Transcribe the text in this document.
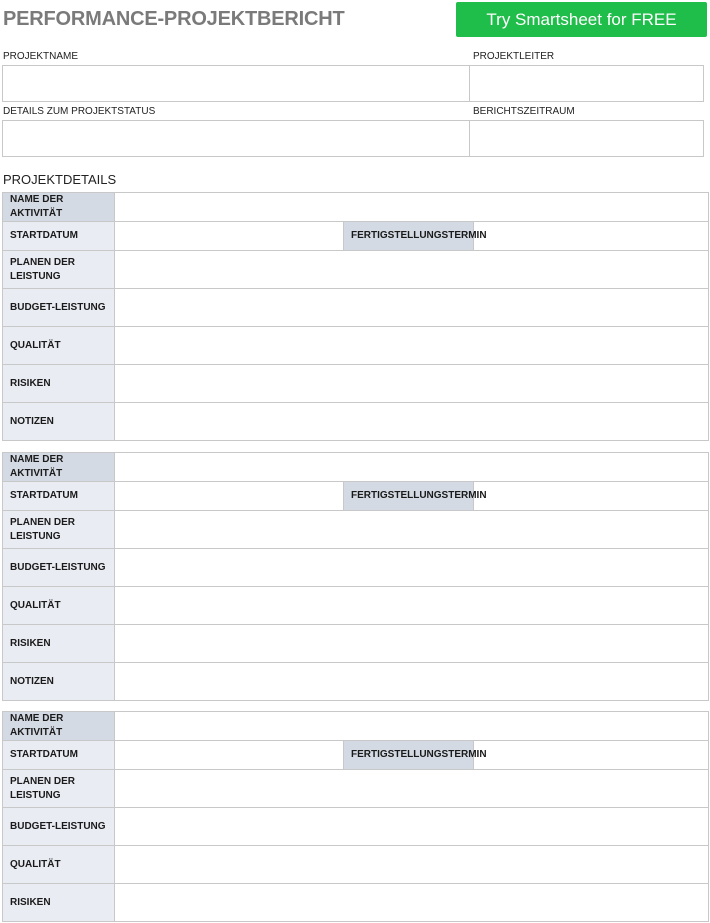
PERFORMANCE-PROJEKTBERICHT	Try Smartsheet for FREE
PROJEKTNAME	PROJEKTLEITER
DETAILS ZUM PROJEKTSTATUS	BERICHTSZEITRAUM
PROJEKTDETAILS
NAME DER AKTIVITÄT			
STARTDATUM		FERTIGSTELLUNGSTERMIN	
PLANEN DER LEISTUNG			
BUDGET-LEISTUNG			
QUALITÄT			
RISIKEN			
NOTIZEN			
NAME DER AKTIVITÄT			
STARTDATUM		FERTIGSTELLUNGSTERMIN	
PLANEN DER LEISTUNG			
BUDGET-LEISTUNG			
QUALITÄT			
RISIKEN			
NOTIZEN			
NAME DER AKTIVITÄT			
STARTDATUM		FERTIGSTELLUNGSTERMIN	
PLANEN DER LEISTUNG			
BUDGET-LEISTUNG			
QUALITÄT			
RISIKEN			
